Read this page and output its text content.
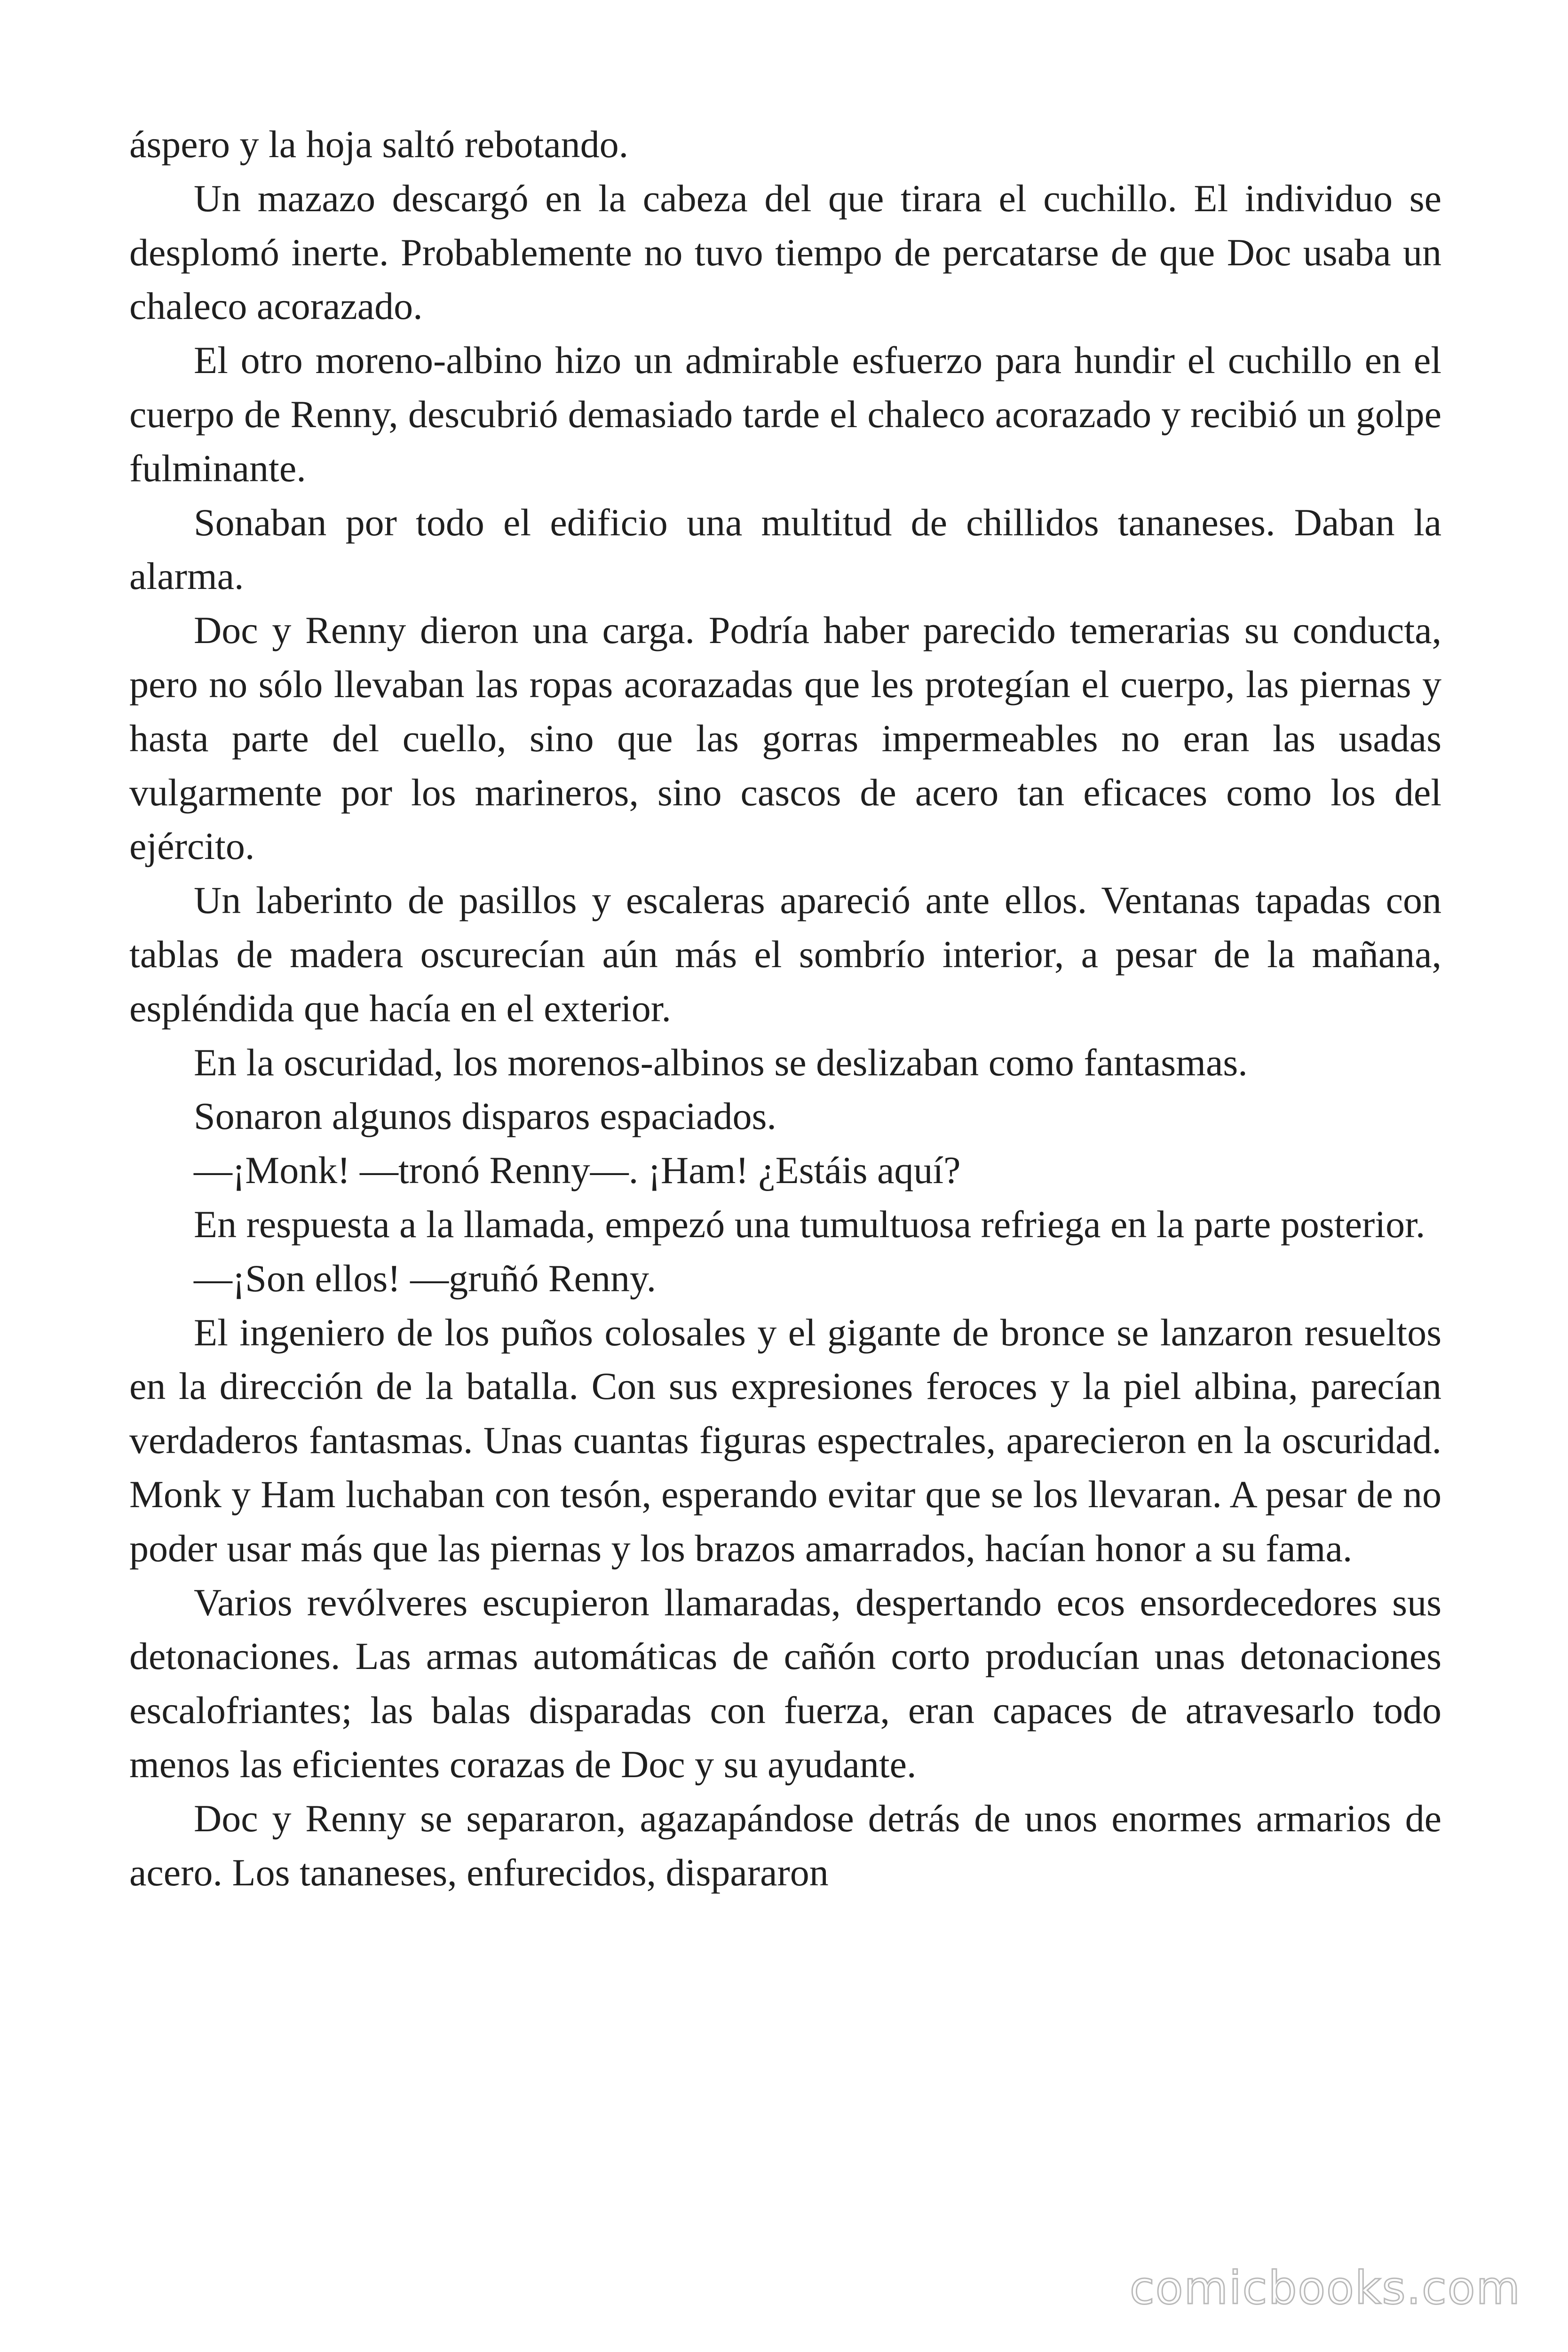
áspero y la hoja saltó rebotando.

Un mazazo descargó en la cabeza del que tirara el cuchillo. El individuo se desplomó inerte. Probablemente no tuvo tiempo de percatarse de que Doc usaba un chaleco acorazado.

El otro moreno-albino hizo un admirable esfuerzo para hundir el cuchillo en el cuerpo de Renny, descubrió demasiado tarde el chaleco acorazado y recibió un golpe fulminante.

Sonaban por todo el edificio una multitud de chillidos tananeses. Daban la alarma.

Doc y Renny dieron una carga. Podría haber parecido temerarias su conducta, pero no sólo llevaban las ropas acorazadas que les protegían el cuerpo, las piernas y hasta parte del cuello, sino que las gorras impermeables no eran las usadas vulgarmente por los marineros, sino cascos de acero tan eficaces como los del ejército.

Un laberinto de pasillos y escaleras apareció ante ellos. Ventanas tapadas con tablas de madera oscurecían aún más el sombrío interior, a pesar de la mañana, espléndida que hacía en el exterior.

En la oscuridad, los morenos-albinos se deslizaban como fantasmas.

Sonaron algunos disparos espaciados.

—¡Monk! —tronó Renny—. ¡Ham! ¿Estáis aquí?

En respuesta a la llamada, empezó una tumultuosa refriega en la parte posterior.

—¡Son ellos! —gruñó Renny.

El ingeniero de los puños colosales y el gigante de bronce se lanzaron resueltos en la dirección de la batalla. Con sus expresiones feroces y la piel albina, parecían verdaderos fantasmas. Unas cuantas figuras espectrales, aparecieron en la oscuridad. Monk y Ham luchaban con tesón, esperando evitar que se los llevaran. A pesar de no poder usar más que las piernas y los brazos amarrados, hacían honor a su fama.

Varios revólveres escupieron llamaradas, despertando ecos ensordecedores sus detonaciones. Las armas automáticas de cañón corto producían unas detonaciones escalofriantes; las balas disparadas con fuerza, eran capaces de atravesarlo todo menos las eficientes corazas de Doc y su ayudante.

Doc y Renny se separaron, agazapándose detrás de unos enormes armarios de acero. Los tananeses, enfurecidos, dispararon

comicbooks.com
